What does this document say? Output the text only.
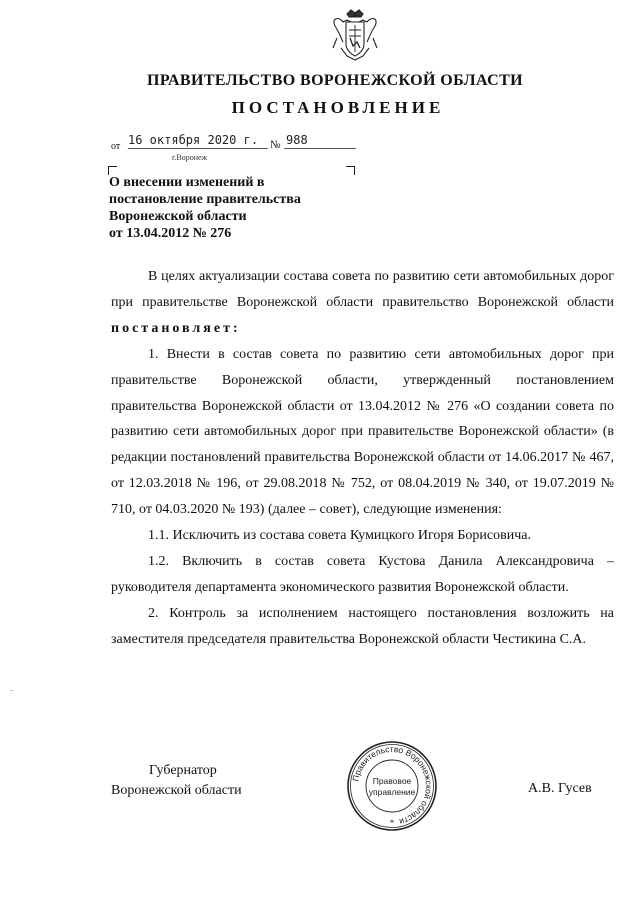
ПРАВИТЕЛЬСТВО ВОРОНЕЖСКОЙ ОБЛАСТИ
ПОСТАНОВЛЕНИЕ
от 16 октября 2020 г.	№ 988
г.Воронеж
О внесении изменений в
постановление правительства
Воронежской области
от 13.04.2012 № 276

В целях актуализации состава совета по развитию сети автомобильных дорог при правительстве Воронежской области правительство Воронежской области постановляет:

1. Внести в состав совета по развитию сети автомобильных дорог при правительстве Воронежской области, утвержденный постановлением правительства Воронежской области от 13.04.2012 № 276 «О создании совета по развитию сети автомобильных дорог при правительстве Воронежской области» (в редакции постановлений правительства Воронежской области от 14.06.2017 № 467, от 12.03.2018 № 196, от 29.08.2018 № 752, от 08.04.2019 № 340, от 19.07.2019 № 710, от 04.03.2020 № 193) (далее – совет), следующие изменения:

1.1. Исключить из состава совета Кумицкого Игоря Борисовича.

1.2. Включить в состав совета Кустова Данила Александровича – руководителя департамента экономического развития Воронежской области.

2. Контроль за исполнением настоящего постановления возложить на заместителя председателя правительства Воронежской области Честикина С.А.

Губернатор
Воронежской области
Правительство Воронежской области
Правовое
управление
*
А.В. Гусев
